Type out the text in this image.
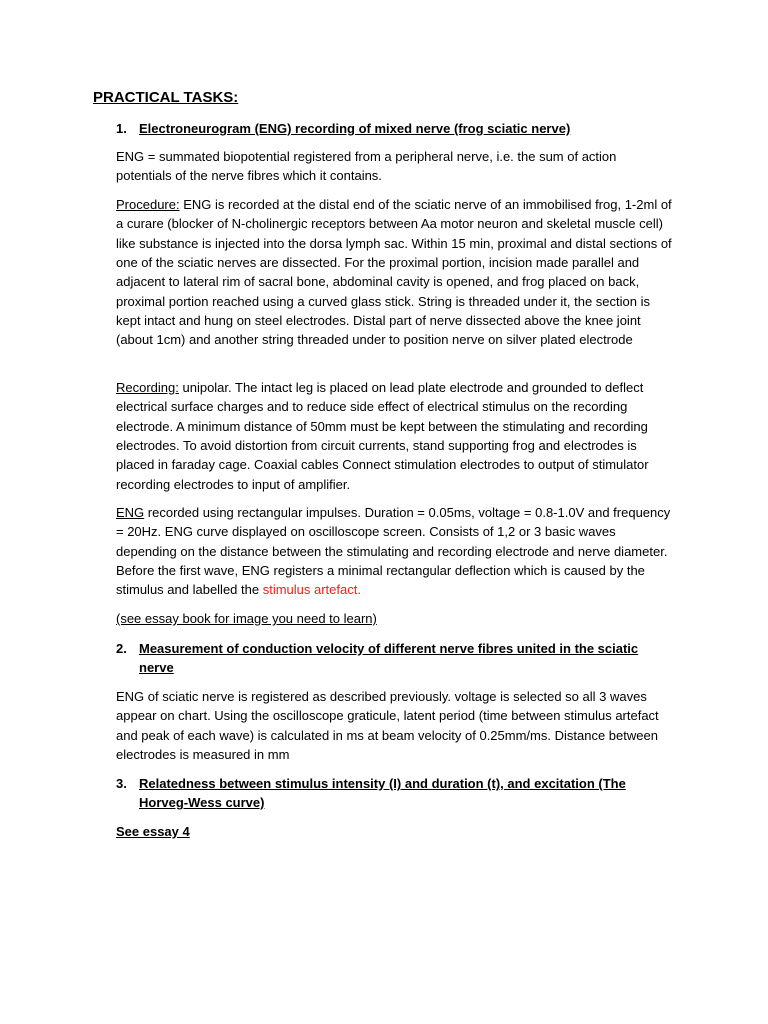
PRACTICAL TASKS:
1. Electroneurogram (ENG) recording of mixed nerve (frog sciatic nerve)
ENG = summated biopotential registered from a peripheral nerve, i.e. the sum of action potentials of the nerve fibres which it contains.
Procedure: ENG is recorded at the distal end of the sciatic nerve of an immobilised frog, 1-2ml of a curare (blocker of N-cholinergic receptors between Aa motor neuron and skeletal muscle cell) like substance is injected into the dorsa lymph sac. Within 15 min, proximal and distal sections of one of the sciatic nerves are dissected. For the proximal portion, incision made parallel and adjacent to lateral rim of sacral bone, abdominal cavity is opened, and frog placed on back, proximal portion reached using a curved glass stick. String is threaded under it, the section is kept intact and hung on steel electrodes. Distal part of nerve dissected above the knee joint (about 1cm) and another string threaded under to position nerve on silver plated electrode
Recording: unipolar. The intact leg is placed on lead plate electrode and grounded to deflect electrical surface charges and to reduce side effect of electrical stimulus on the recording electrode. A minimum distance of 50mm must be kept between the stimulating and recording electrodes. To avoid distortion from circuit currents, stand supporting frog and electrodes is placed in faraday cage. Coaxial cables Connect stimulation electrodes to output of stimulator recording electrodes to input of amplifier.
ENG recorded using rectangular impulses. Duration = 0.05ms, voltage = 0.8-1.0V and frequency = 20Hz. ENG curve displayed on oscilloscope screen. Consists of 1,2 or 3 basic waves depending on the distance between the stimulating and recording electrode and nerve diameter. Before the first wave, ENG registers a minimal rectangular deflection which is caused by the stimulus and labelled the stimulus artefact.
(see essay book for image you need to learn)
2. Measurement of conduction velocity of different nerve fibres united in the sciatic nerve
ENG of sciatic nerve is registered as described previously. voltage is selected so all 3 waves appear on chart. Using the oscilloscope graticule, latent period (time between stimulus artefact and peak of each wave) is calculated in ms at beam velocity of 0.25mm/ms. Distance between electrodes is measured in mm
3. Relatedness between stimulus intensity (I) and duration (t), and excitation (The Horveg-Wess curve)
See essay 4
